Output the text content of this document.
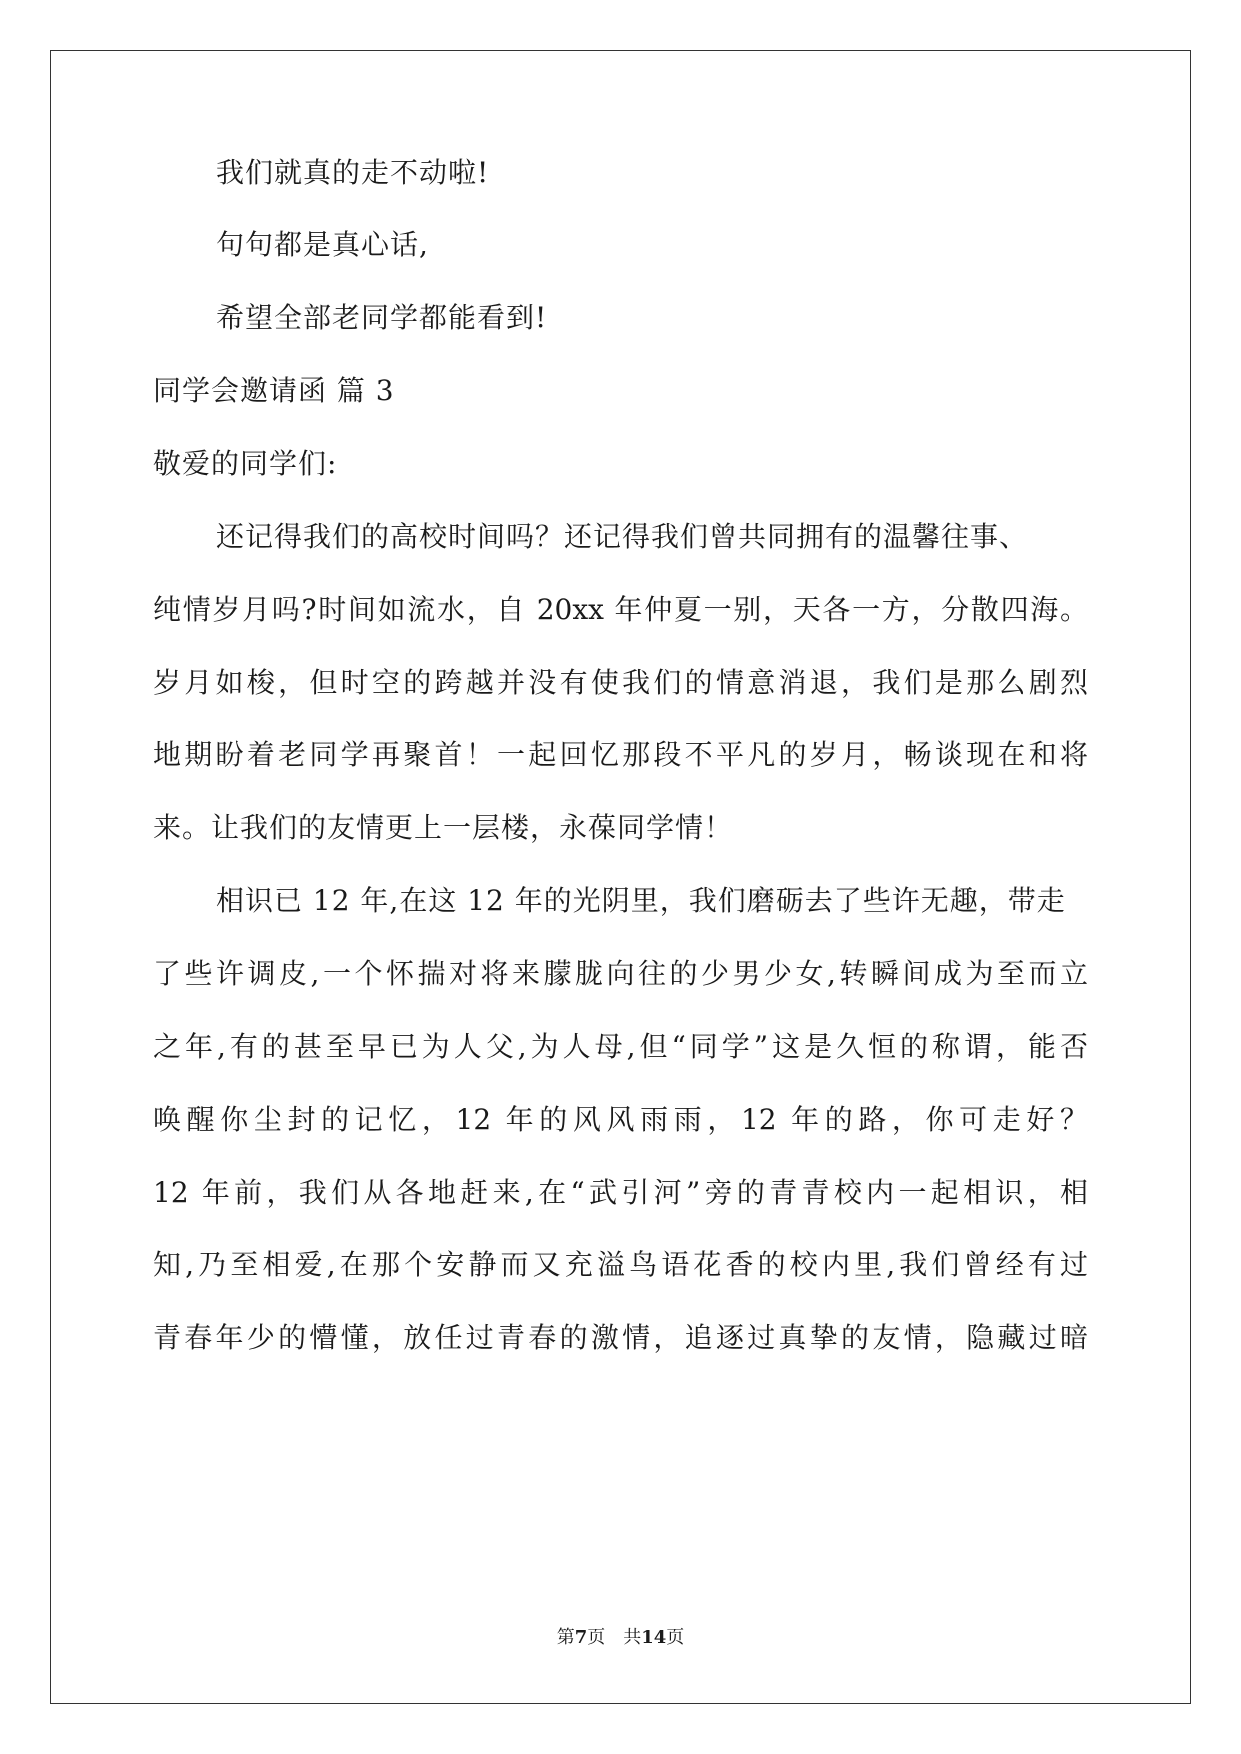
我们就真的走不动啦!
句句都是真心话,
希望全部老同学都能看到!
同学会邀请函 篇 3
敬爱的同学们:
还记得我们的高校时间吗？还记得我们曾共同拥有的温馨往事、
纯情岁月吗?时间如流水，自 20xx 年仲夏一别，天各一方，分散四海。
岁月如梭，但时空的跨越并没有使我们的情意消退，我们是那么剧烈
地期盼着老同学再聚首！一起回忆那段不平凡的岁月，畅谈现在和将
来。让我们的友情更上一层楼，永葆同学情！
相识已 12 年,在这 12 年的光阴里，我们磨砺去了些许无趣，带走
了些许调皮,一个怀揣对将来朦胧向往的少男少女,转瞬间成为至而立
之年,有的甚至早已为人父,为人母,但“同学”这是久恒的称谓，能否
唤醒你尘封的记忆，12 年的风风雨雨，12 年的路，你可走好？
12 年前，我们从各地赶来,在“武引河”旁的青青校内一起相识，相
知,乃至相爱,在那个安静而又充溢鸟语花香的校内里,我们曾经有过
青春年少的懵懂，放任过青春的激情，追逐过真挚的友情，隐藏过暗
第7页　共14页
